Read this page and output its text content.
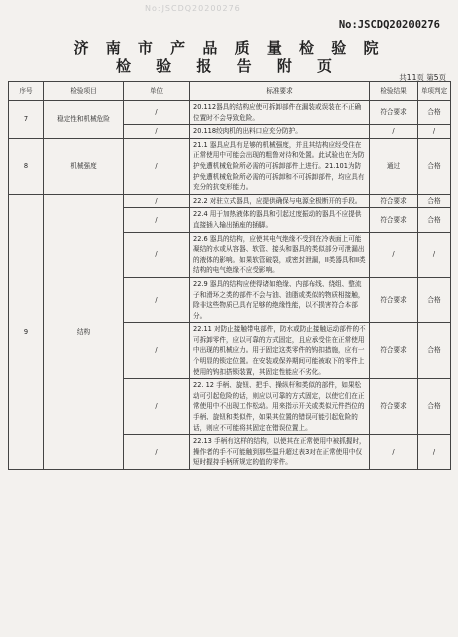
No:JSCDQ20200276
No:JSCDQ20200276
济 南 市 产 品 质 量 检 验 院
检 验 报 告 附 页
共11页 第5页
序号	检验项目	单位	标准要求	检验结果	单项判定
7	稳定性和机械危险	/	20.112器具的结构应使可拆卸部件在漏装或误装在不正确位置时不会导致危险。	符合要求	合格
		/	20.118绞肉机的出料口应充分防护。	/	/
8	机械强度	/	21.1 器具应具有足够的机械强度，并且其结构应经受住在正常使用中可能会出现的粗鲁对待和处置。此试验也在为防护免遭机械危险所必需的可拆卸部件上进行。21.101为防护免遭机械危险所必需的可拆卸和不可拆卸部件，均应具有充分的抗变形能力。	通过	合格
9	结构	/	22.2 对驻立式器具，应提供确保与电源全极断开的手段。	符合要求	合格
		/	22.4 用于加热液体的器具和引起过度振动的器具不应提供直接插入输出插座的插脚。	符合要求	合格
		/	22.6 器具的结构，应使其电气绝缘不受到在冷表面上可能凝结的水或从容器、软管、接头和器具的类似部分可泄漏出的液体的影响。如果软管破裂，或密封泄漏，II类器具和II类结构的电气绝缘不应受影响。	/	/
		/	22.9 器具的结构应使得诸如绝缘、内部布线、绕组、整流子和滑环之类的部件不会与油、油脂或类似的物质相接触，除非这些物质已具有足够的绝缘性能，以不损害符合本部分。	符合要求	合格
		/	22.11 对防止接触带电部件，防水或防止接触运动部件的不可拆卸零件，应以可靠的方式固定，且应承受住在正常使用中出现的机械应力。用于固定这类零件的钩扣措施，应有一个明显的锁定位置。在安装或保养期间可能被取下的零件上使用的钩扣搭锁装置，其固定性能应不劣化。	符合要求	合格
		/	22. 12 手柄、旋钮、把手、操纵杆和类似的部件，如果松动可引起危险的话，则应以可靠的方式固定，以使它们在正常使用中不出现工作松动。用来指示开关或类似元件挡位的手柄、旋钮和类似件，如果其位置的错误可能引起危险的话，则应不可能将其固定在错误位置上。	符合要求	合格
		/	22.13 手柄有这样的结构，以使其在正常使用中被抓握时，操作者的手不可能触到那些温升超过表3对在正常使用中仅短时握持手柄所规定的值的零件。	/	/
